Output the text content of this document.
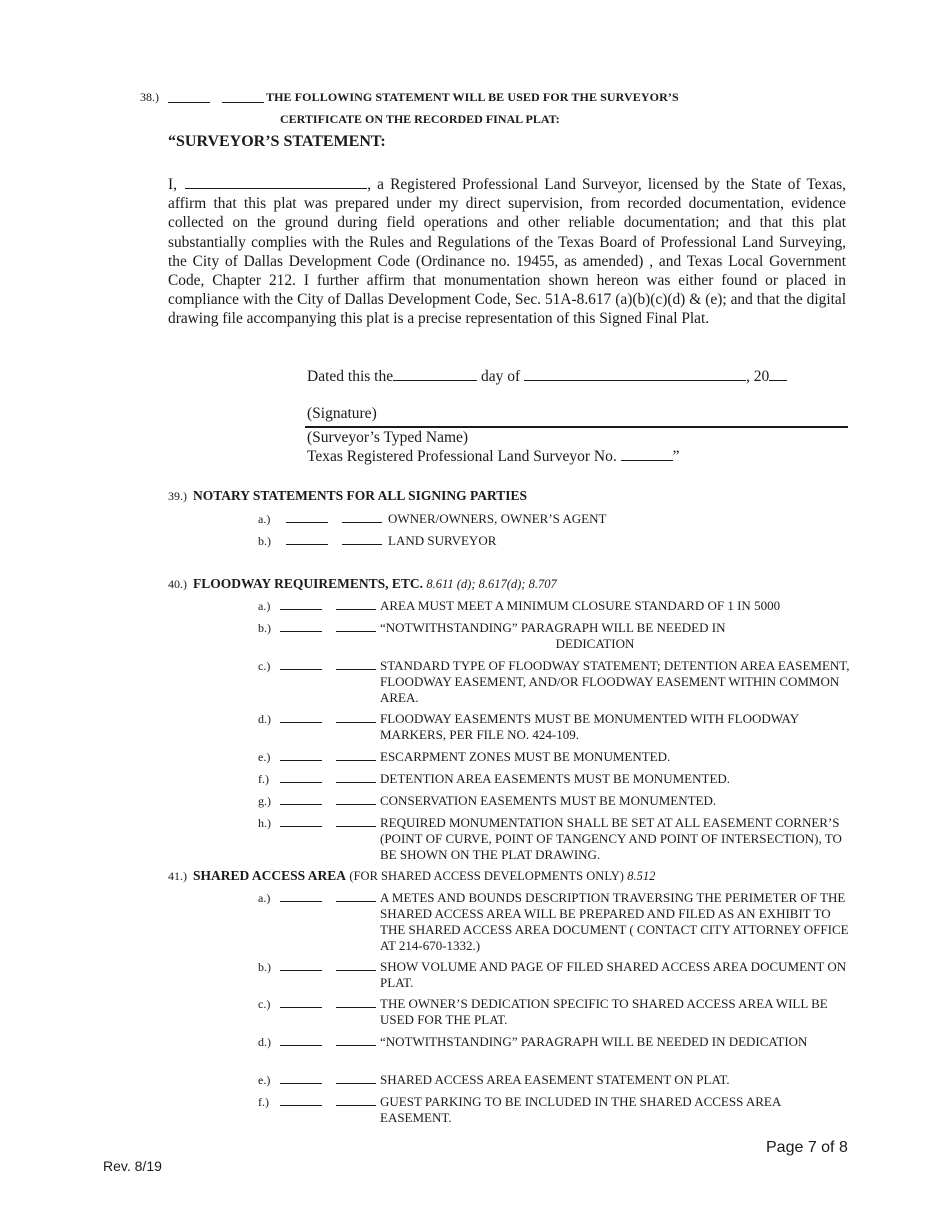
38.)
	THE FOLLOWING STATEMENT WILL BE USED FOR THE SURVEYOR’S
CERTIFICATE ON THE RECORDED FINAL PLAT:
“SURVEYOR’S STATEMENT:
I,	, a Registered Professional Land Surveyor, licensed by the State of Texas, affirm that this plat was prepared under my direct supervision, from recorded documentation, evidence collected on the ground during field operations and other reliable documentation; and that this plat substantially complies with the Rules and Regulations of the Texas Board of Professional Land Surveying, the City of Dallas Development Code (Ordinance no. 19455, as amended) , and Texas Local Government Code, Chapter 212. I further affirm that monumentation shown hereon was either found or placed in compliance with the City of Dallas Development Code, Sec. 51A-8.617 (a)(b)(c)(d) & (e); and that the digital drawing file accompanying this plat is a precise representation of this Signed Final Plat.
Dated this the	day of	, 20
(Signature)
(Surveyor’s Typed Name)
Texas Registered Professional Land Surveyor No.	”
39.) NOTARY STATEMENTS FOR ALL SIGNING PARTIES
a.)	OWNER/OWNERS, OWNER’S AGENT
b.)	LAND SURVEYOR
40.) FLOODWAY REQUIREMENTS, ETC. 8.611 (d); 8.617(d); 8.707
a.)	AREA MUST MEET A MINIMUM CLOSURE STANDARD OF 1 IN 5000
b.)	“NOTWITHSTANDING” PARAGRAPH WILL BE NEEDED IN
DEDICATION
c.)	STANDARD TYPE OF FLOODWAY STATEMENT; DETENTION AREA EASEMENT, FLOODWAY EASEMENT, AND/OR FLOODWAY EASEMENT WITHIN COMMON AREA.
d.)	FLOODWAY EASEMENTS MUST BE MONUMENTED WITH FLOODWAY MARKERS, PER FILE NO. 424-109.
e.)	ESCARPMENT ZONES MUST BE MONUMENTED.
f.)	DETENTION AREA EASEMENTS MUST BE MONUMENTED.
g.)	CONSERVATION EASEMENTS MUST BE MONUMENTED.
h.)	REQUIRED MONUMENTATION SHALL BE SET AT ALL EASEMENT CORNER’S (POINT OF CURVE, POINT OF TANGENCY AND POINT OF INTERSECTION), TO BE SHOWN ON THE PLAT DRAWING.
41.) SHARED ACCESS AREA (FOR SHARED ACCESS DEVELOPMENTS ONLY) 8.512
a.)	A METES AND BOUNDS DESCRIPTION TRAVERSING THE PERIMETER OF THE SHARED ACCESS AREA WILL BE PREPARED AND FILED AS AN EXHIBIT TO THE SHARED ACCESS AREA DOCUMENT ( CONTACT CITY ATTORNEY OFFICE AT 214-670-1332.)
b.)	SHOW VOLUME AND PAGE OF FILED SHARED ACCESS AREA DOCUMENT ON PLAT.
c.)	THE OWNER’S DEDICATION SPECIFIC TO SHARED ACCESS AREA WILL BE USED FOR THE PLAT.
d.)	“NOTWITHSTANDING” PARAGRAPH WILL BE NEEDED IN DEDICATION
e.)	SHARED ACCESS AREA EASEMENT STATEMENT ON PLAT.
f.)	GUEST PARKING TO BE INCLUDED IN THE SHARED ACCESS AREA EASEMENT.
Page 7 of 8
Rev. 8/19
